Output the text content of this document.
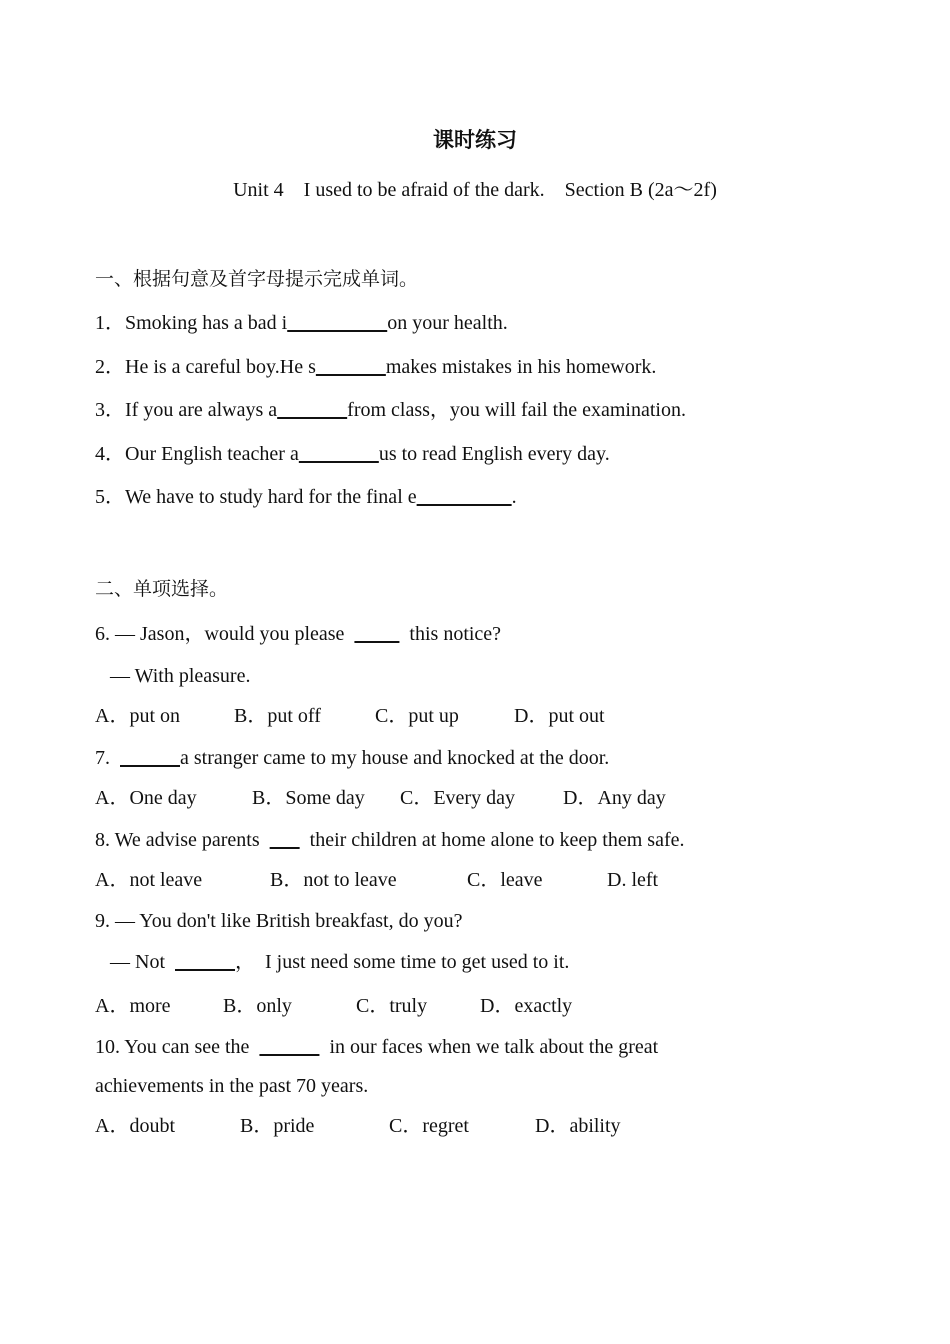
课时练习
Unit 4    I used to be afraid of the dark.    Section B (2a～2f)
一、根据句意及首字母提示完成单词。
1．Smoking has a bad i	on your health.
2．He is a careful boy.He s	makes mistakes in his homework.
3．If you are always a	from class，you will fail the examination.
4．Our English teacher a	us to read English every day.
5．We have to study hard for the final e	.
二、单项选择。
6. — Jason，would you please             this notice?
— With pleasure.
A．put on	B．put off	C．put up	D．put out
7.	a stranger came to my house and knocked at the door.
A．One day	B．Some day C．Every day D．Any day
8. We advise parents          their children at home alone to keep them safe.
A．not leave	B．not to leave	C．leave	D. left
9. — You don't like British breakfast, do you?
— Not	，  I just need some time to get used to it.
A．more	B．only	C．truly	D．exactly
10. You can see the	in our faces when we talk about the great
achievements in the past 70 years.
A．doubt	B．pride	C．regret	D．ability
